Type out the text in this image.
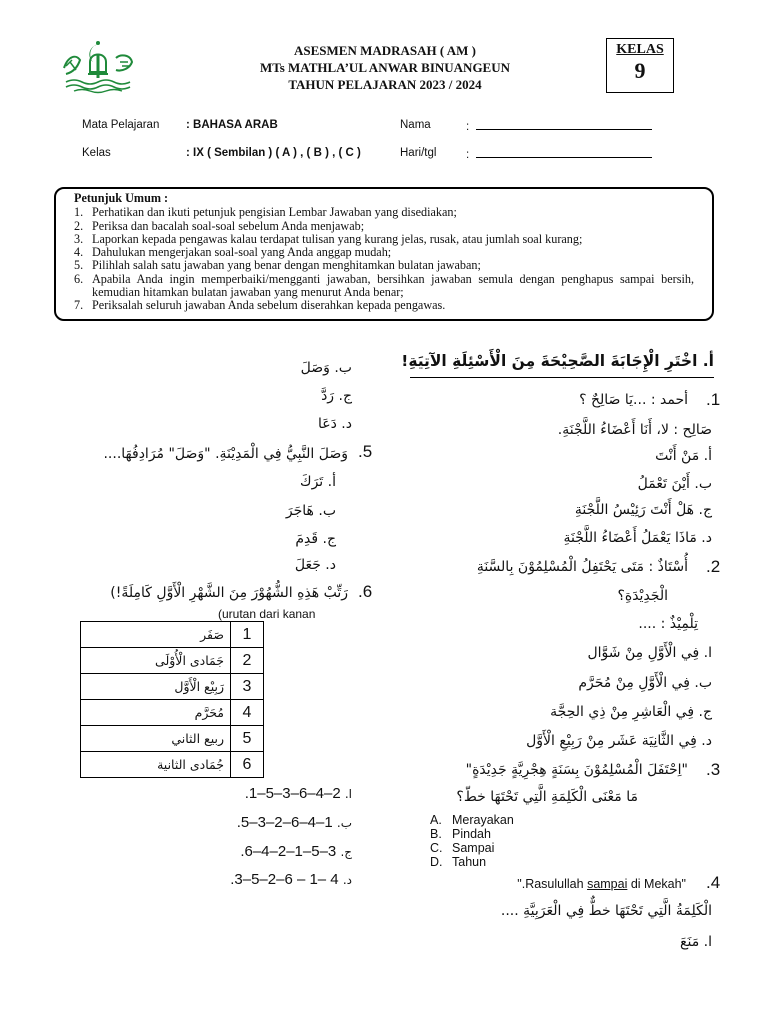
ASESMEN MADRASAH ( AM )
MTs MATHLA’UL ANWAR BINUANGEUN
TAHUN PELAJARAN 2023 / 2024
KELAS
9
Mata Pelajaran : BAHASA ARAB
Kelas	: IX ( Sembilan ) ( A ) , ( B ) , ( C )
Nama	:
Hari/tgl	:
Petunjuk Umum :
1. Perhatikan dan ikuti petunjuk pengisian Lembar Jawaban yang disediakan;
2. Periksa dan bacalah soal-soal sebelum Anda menjawab;
3. Laporkan kepada pengawas kalau terdapat tulisan yang kurang jelas, rusak, atau jumlah soal kurang;
4. Dahulukan mengerjakan soal-soal yang Anda anggap mudah;
5. Pilihlah salah satu jawaban yang benar dengan menghitamkan bulatan jawaban;
6. Apabila Anda ingin memperbaiki/mengganti jawaban, bersihkan jawaban semula dengan penghapus sampai bersih, kemudian hitamkan bulatan jawaban yang menurut Anda benar;
7. Periksalah seluruh jawaban Anda sebelum diserahkan kepada pengawas.
أ. اخْتَرِ الْإِجَابَةَ الصَّحِيْحَةَ مِنَ الْأَسْئِلَةِ الآتِيَةِ!
.1
أحمد : ...يَا صَالِحٌ ؟
صَالِح : لا، أَنَا أَعْضَاءُ اللَّجْنَةِ.
أ. مَنْ أَنْتَ
ب. أَيْنَ تَعْمَلُ
ج. هَلْ أَنْتَ رَئِيْسُ اللَّجْنَةِ
د. مَاذَا يَعْمَلُ أَعْضَاءُ اللَّجْنَةِ
.2
أُسْتَاذٌ : مَتَى يَحْتَفِلُ الْمُسْلِمُوْنَ بِالسَّنَةِ
الْجَدِيْدَةِ؟
تِلْمِيْذٌ : ....
ا. فِي الْأَوَّلِ مِنْ شَوَّال
ب. فِي الْأَوَّلِ مِنْ مُحَرَّم
ج. فِي الْعَاشِرِ مِنْ ذِي الحِجَّة
د. فِي الثَّانِيَة عَشَر مِنْ رَبِيْعِ الْأَوَّل
.3
"اِحْتَفَلَ الْمُسْلِمُوْنَ بِسَنَةٍ هِجْرِيَّةٍ جَدِيْدَةٍ"
مَا مَعْنَى الْكَلِمَةِ الَّتِي تَحْتَهَا خطّ؟
A. Merayakan
B. Pindah
C. Sampai
D. Tahun
.4
".Rasulullah sampai di Mekah"
الْكَلِمَةُ الَّتِي تَحْتَهَا خطٌّ فِي الْعَرَبِيَّةِ ....
ا. مَنَعَ
ب. وَصَلَ
ج. رَدَّ
د. دَعَا
.5
وَصَلَ النَّبِيُّ فِي الْمَدِيْنَةِ. "وَصَلَ" مُرَادِفُهَا....
أ. تَرَكَ
ب. هَاجَرَ
ج. قَدِمَ
د. جَعَلَ
.6
رَتِّبْ هَذِهِ الشُّهُوْرَ مِنَ الشَّهْرِ الْأَوَّلِ كَامِلَةً!)
(urutan dari kanan
صَفَر	1
جَمَادى الْأُوْلَى	2
رَبِيْع الْأَوَّل	3
مُحَرَّم	4
ربيع الثاني	5
جُمَادى الثانية	6
.1–5–3–6–4–2 ا.
.5–3–2–6–4–1 ب.
.6–4–2–1–5–3 ج.
.3–5–2–6 – 1– 4 د.
